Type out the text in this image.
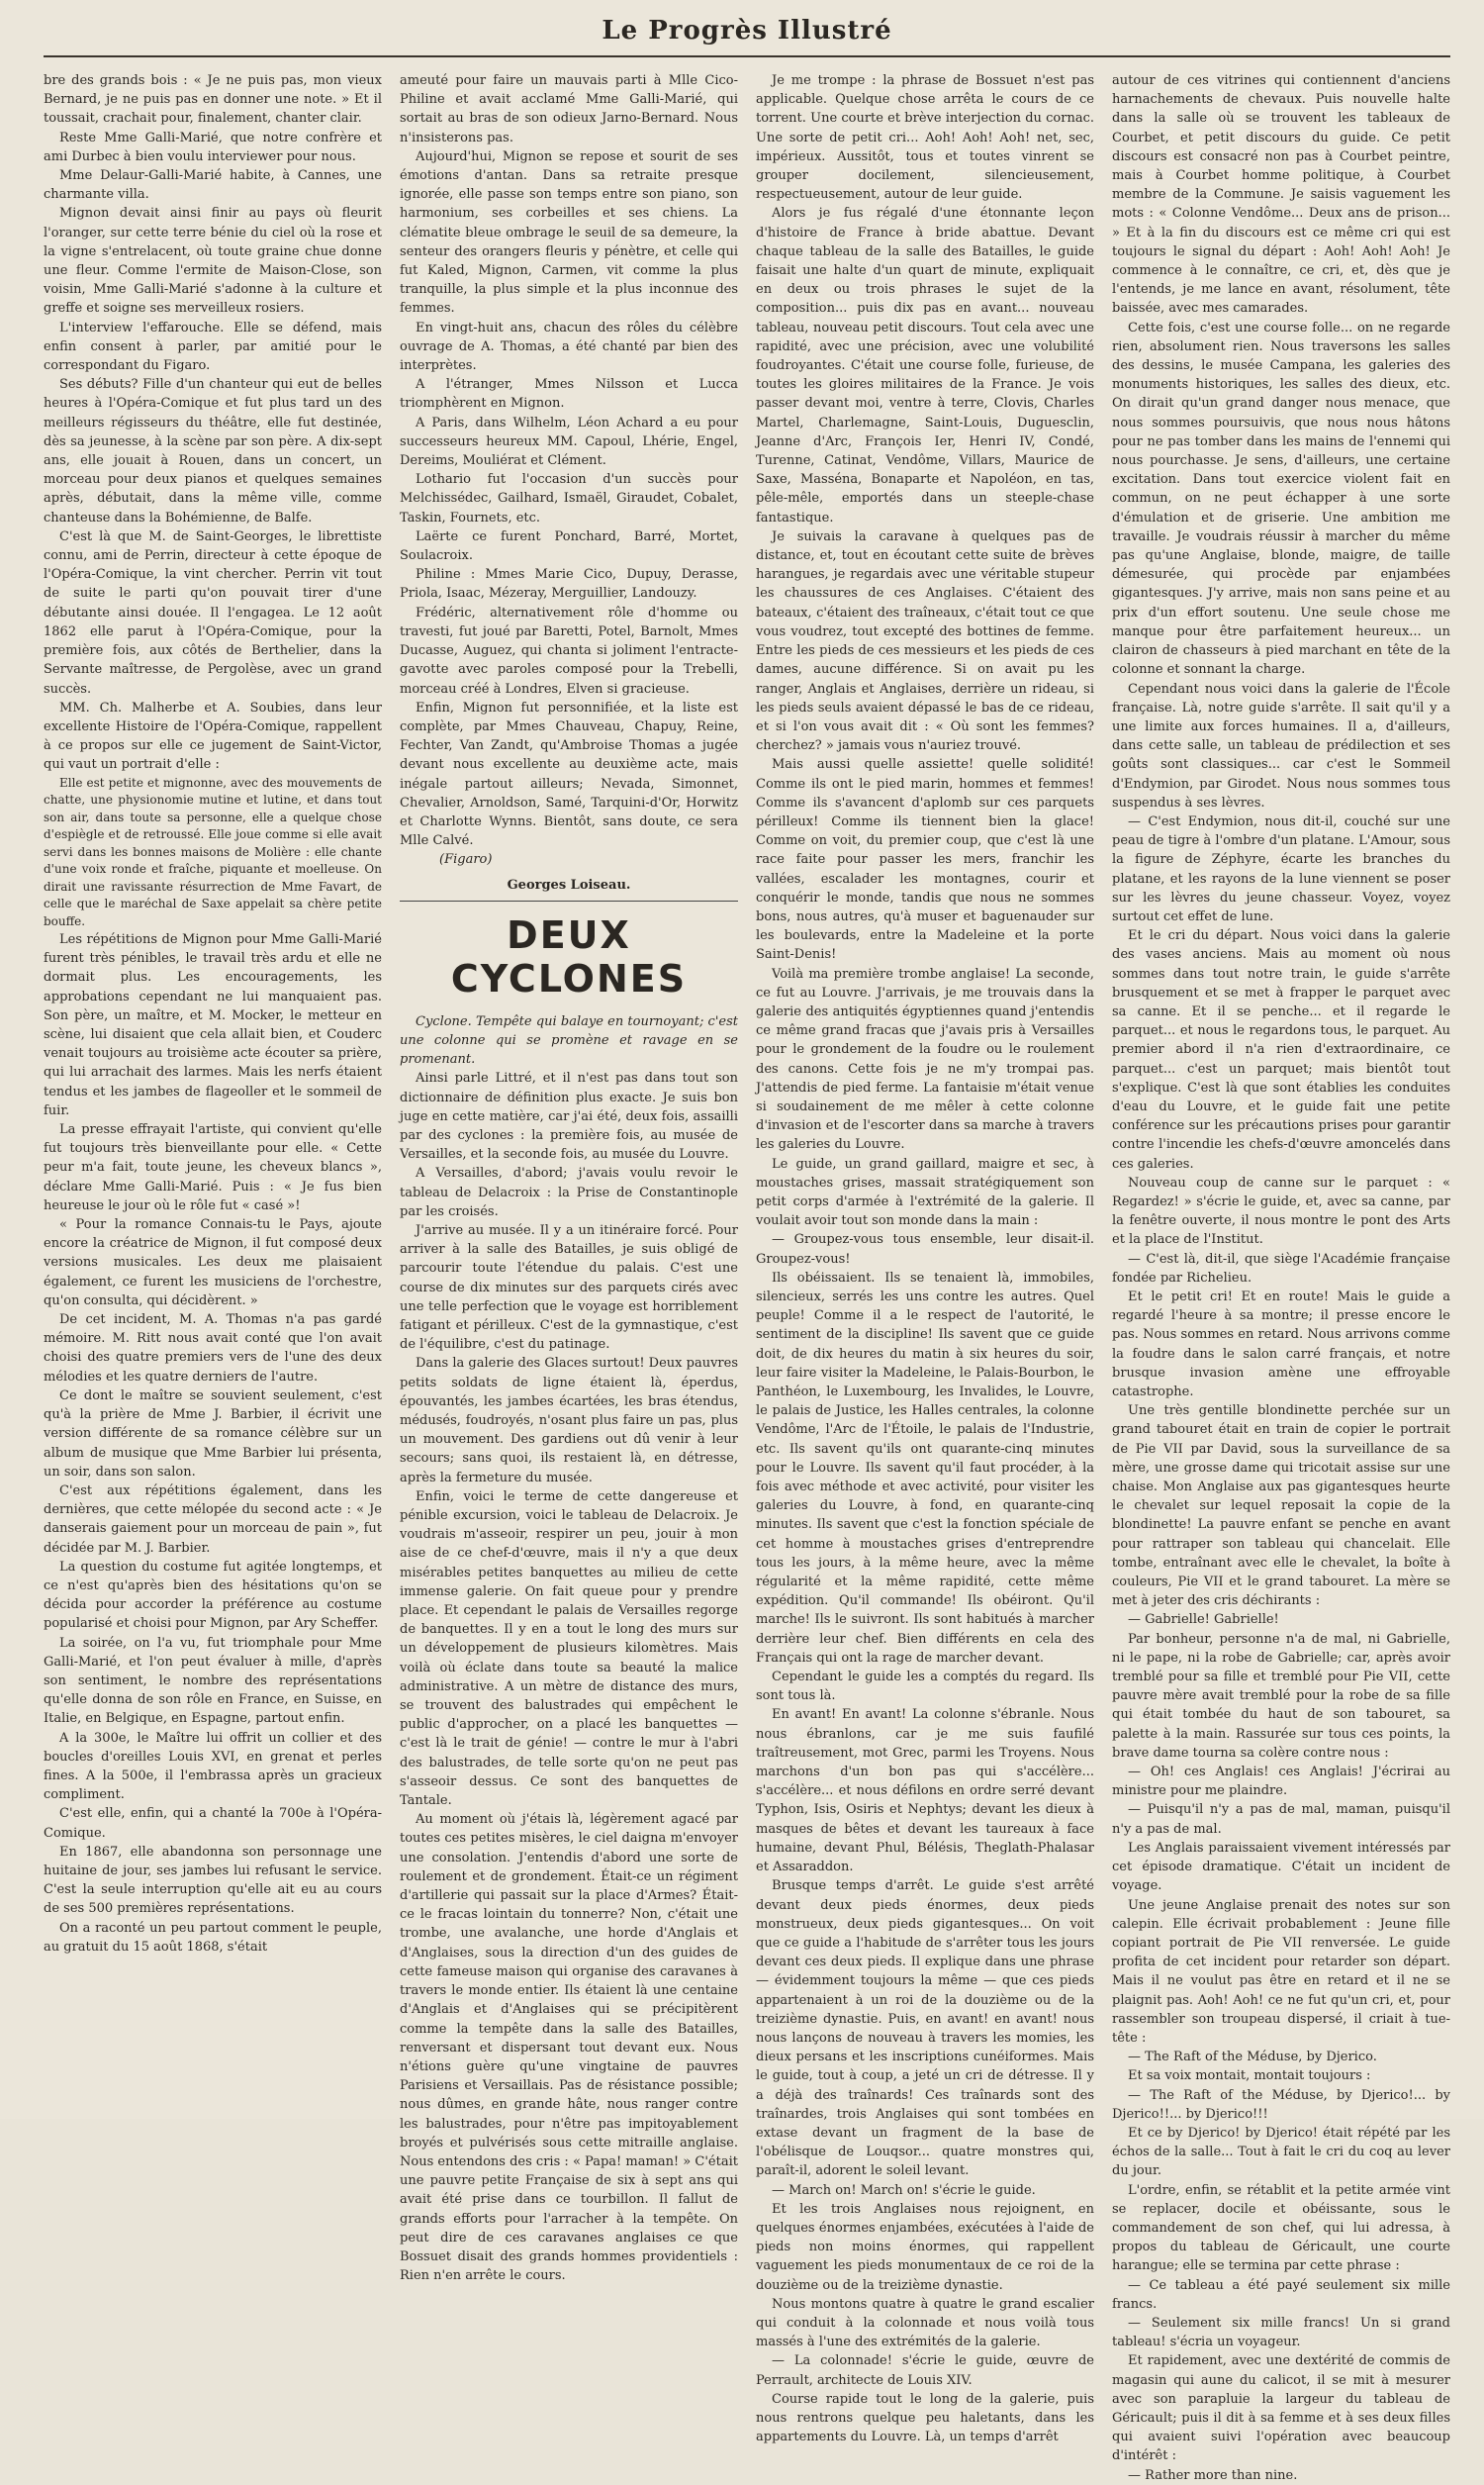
Le Progrès Illustré

bre des grands bois : « Je ne puis pas, mon vieux Bernard, je ne puis pas en donner une note. » Et il toussait, crachait pour, finalement, chanter clair.

Reste Mme Galli-Marié, que notre confrère et ami Durbec à bien voulu interviewer pour nous.

Mme Delaur-Galli-Marié habite, à Cannes, une charmante villa.

Mignon devait ainsi finir au pays où fleurit l'oranger, sur cette terre bénie du ciel où la rose et la vigne s'entrelacent, où toute graine chue donne une fleur. Comme l'ermite de Maison-Close, son voisin, Mme Galli-Marié s'adonne à la culture et greffe et soigne ses merveilleux rosiers.

L'interview l'effarouche. Elle se défend, mais enfin consent à parler, par amitié pour le correspondant du Figaro.

Ses débuts? Fille d'un chanteur qui eut de belles heures à l'Opéra-Comique et fut plus tard un des meilleurs régisseurs du théâtre, elle fut destinée, dès sa jeunesse, à la scène par son père. A dix-sept ans, elle jouait à Rouen, dans un concert, un morceau pour deux pianos et quelques semaines après, débutait, dans la même ville, comme chanteuse dans la Bohémienne, de Balfe.

C'est là que M. de Saint-Georges, le librettiste connu, ami de Perrin, directeur à cette époque de l'Opéra-Comique, la vint chercher. Perrin vit tout de suite le parti qu'on pouvait tirer d'une débutante ainsi douée. Il l'engagea. Le 12 août 1862 elle parut à l'Opéra-Comique, pour la première fois, aux côtés de Berthelier, dans la Servante maîtresse, de Pergolèse, avec un grand succès.

MM. Ch. Malherbe et A. Soubies, dans leur excellente Histoire de l'Opéra-Comique, rappellent à ce propos sur elle ce jugement de Saint-Victor, qui vaut un portrait d'elle :

Elle est petite et mignonne, avec des mouvements de chatte, une physionomie mutine et lutine, et dans tout son air, dans toute sa personne, elle a quelque chose d'espiègle et de retroussé. Elle joue comme si elle avait servi dans les bonnes maisons de Molière : elle chante d'une voix ronde et fraîche, piquante et moelleuse. On dirait une ravissante résurrection de Mme Favart, de celle que le maréchal de Saxe appelait sa chère petite bouffe.

Les répétitions de Mignon pour Mme Galli-Marié furent très pénibles, le travail très ardu et elle ne dormait plus. Les encouragements, les approbations cependant ne lui manquaient pas. Son père, un maître, et M. Mocker, le metteur en scène, lui disaient que cela allait bien, et Couderc venait toujours au troisième acte écouter sa prière, qui lui arrachait des larmes. Mais les nerfs étaient tendus et les jambes de flageoller et le sommeil de fuir.

La presse effrayait l'artiste, qui convient qu'elle fut toujours très bienveillante pour elle. « Cette peur m'a fait, toute jeune, les cheveux blancs », déclare Mme Galli-Marié. Puis : « Je fus bien heureuse le jour où le rôle fut « casé »!

« Pour la romance Connais-tu le Pays, ajoute encore la créatrice de Mignon, il fut composé deux versions musicales. Les deux me plaisaient également, ce furent les musiciens de l'orchestre, qu'on consulta, qui décidèrent. »

De cet incident, M. A. Thomas n'a pas gardé mémoire. M. Ritt nous avait conté que l'on avait choisi des quatre premiers vers de l'une des deux mélodies et les quatre derniers de l'autre.

Ce dont le maître se souvient seulement, c'est qu'à la prière de Mme J. Barbier, il écrivit une version différente de sa romance célèbre sur un album de musique que Mme Barbier lui présenta, un soir, dans son salon.

C'est aux répétitions également, dans les dernières, que cette mélopée du second acte : « Je danserais gaiement pour un morceau de pain », fut décidée par M. J. Barbier.

La question du costume fut agitée longtemps, et ce n'est qu'après bien des hésitations qu'on se décida pour accorder la préférence au costume popularisé et choisi pour Mignon, par Ary Scheffer.

La soirée, on l'a vu, fut triomphale pour Mme Galli-Marié, et l'on peut évaluer à mille, d'après son sentiment, le nombre des représentations qu'elle donna de son rôle en France, en Suisse, en Italie, en Belgique, en Espagne, partout enfin.

A la 300e, le Maître lui offrit un collier et des boucles d'oreilles Louis XVI, en grenat et perles fines. A la 500e, il l'embrassa après un gracieux compliment.

C'est elle, enfin, qui a chanté la 700e à l'Opéra-Comique.

En 1867, elle abandonna son personnage une huitaine de jour, ses jambes lui refusant le service. C'est la seule interruption qu'elle ait eu au cours de ses 500 premières représentations.

On a raconté un peu partout comment le peuple, au gratuit du 15 août 1868, s'était

ameuté pour faire un mauvais parti à Mlle Cico-Philine et avait acclamé Mme Galli-Marié, qui sortait au bras de son odieux Jarno-Bernard. Nous n'insisterons pas.

Aujourd'hui, Mignon se repose et sourit de ses émotions d'antan. Dans sa retraite presque ignorée, elle passe son temps entre son piano, son harmonium, ses corbeilles et ses chiens. La clématite bleue ombrage le seuil de sa demeure, la senteur des orangers fleuris y pénètre, et celle qui fut Kaled, Mignon, Carmen, vit comme la plus tranquille, la plus simple et la plus inconnue des femmes.

En vingt-huit ans, chacun des rôles du célèbre ouvrage de A. Thomas, a été chanté par bien des interprètes.

A l'étranger, Mmes Nilsson et Lucca triomphèrent en Mignon.

A Paris, dans Wilhelm, Léon Achard a eu pour successeurs heureux MM. Capoul, Lhérie, Engel, Dereims, Mouliérat et Clément.

Lothario fut l'occasion d'un succès pour Melchissédec, Gailhard, Ismaël, Giraudet, Cobalet, Taskin, Fournets, etc.

Laërte ce furent Ponchard, Barré, Mortet, Soulacroix.

Philine : Mmes Marie Cico, Dupuy, Derasse, Priola, Isaac, Mézeray, Merguillier, Landouzy.

Frédéric, alternativement rôle d'homme ou travesti, fut joué par Baretti, Potel, Barnolt, Mmes Ducasse, Auguez, qui chanta si joliment l'entracte-gavotte avec paroles composé pour la Trebelli, morceau créé à Londres, Elven si gracieuse.

Enfin, Mignon fut personnifiée, et la liste est complète, par Mmes Chauveau, Chapuy, Reine, Fechter, Van Zandt, qu'Ambroise Thomas a jugée devant nous excellente au deuxième acte, mais inégale partout ailleurs; Nevada, Simonnet, Chevalier, Arnoldson, Samé, Tarquini-d'Or, Horwitz et Charlotte Wynns. Bientôt, sans doute, ce sera Mlle Calvé.

(Figaro)

Georges Loiseau.

DEUX CYCLONES

Cyclone. Tempête qui balaye en tournoyant; c'est une colonne qui se promène et ravage en se promenant.

Ainsi parle Littré, et il n'est pas dans tout son dictionnaire de définition plus exacte. Je suis bon juge en cette matière, car j'ai été, deux fois, assailli par des cyclones : la première fois, au musée de Versailles, et la seconde fois, au musée du Louvre.

A Versailles, d'abord; j'avais voulu revoir le tableau de Delacroix : la Prise de Constantinople par les croisés.

J'arrive au musée. Il y a un itinéraire forcé. Pour arriver à la salle des Batailles, je suis obligé de parcourir toute l'étendue du palais. C'est une course de dix minutes sur des parquets cirés avec une telle perfection que le voyage est horriblement fatigant et périlleux. C'est de la gymnastique, c'est de l'équilibre, c'est du patinage.

Dans la galerie des Glaces surtout! Deux pauvres petits soldats de ligne étaient là, éperdus, épouvantés, les jambes écartées, les bras étendus, médusés, foudroyés, n'osant plus faire un pas, plus un mouvement. Des gardiens out dû venir à leur secours; sans quoi, ils restaient là, en détresse, après la fermeture du musée.

Enfin, voici le terme de cette dangereuse et pénible excursion, voici le tableau de Delacroix. Je voudrais m'asseoir, respirer un peu, jouir à mon aise de ce chef-d'œuvre, mais il n'y a que deux misérables petites banquettes au milieu de cette immense galerie. On fait queue pour y prendre place. Et cependant le palais de Versailles regorge de banquettes. Il y en a tout le long des murs sur un développement de plusieurs kilomètres. Mais voilà où éclate dans toute sa beauté la malice administrative. A un mètre de distance des murs, se trouvent des balustrades qui empêchent le public d'approcher, on a placé les banquettes — c'est là le trait de génie! — contre le mur à l'abri des balustrades, de telle sorte qu'on ne peut pas s'asseoir dessus. Ce sont des banquettes de Tantale.

Au moment où j'étais là, légèrement agacé par toutes ces petites misères, le ciel daigna m'envoyer une consolation. J'entendis d'abord une sorte de roulement et de grondement. Était-ce un régiment d'artillerie qui passait sur la place d'Armes? Était-ce le fracas lointain du tonnerre? Non, c'était une trombe, une avalanche, une horde d'Anglais et d'Anglaises, sous la direction d'un des guides de cette fameuse maison qui organise des caravanes à travers le monde entier. Ils étaient là une centaine d'Anglais et d'Anglaises qui se précipitèrent comme la tempête dans la salle des Batailles, renversant et dispersant tout devant eux. Nous n'étions guère qu'une vingtaine de pauvres Parisiens et Versaillais. Pas de résistance possible; nous dûmes, en grande hâte, nous ranger contre les balustrades, pour n'être pas impitoyablement broyés et pulvérisés sous cette mitraille anglaise. Nous entendons des cris : « Papa! maman! » C'était une pauvre petite Française de six à sept ans qui avait été prise dans ce tourbillon. Il fallut de grands efforts pour l'arracher à la tempête. On peut dire de ces caravanes anglaises ce que Bossuet disait des grands hommes providentiels : Rien n'en arrête le cours.

Je me trompe : la phrase de Bossuet n'est pas applicable. Quelque chose arrêta le cours de ce torrent. Une courte et brève interjection du cornac. Une sorte de petit cri... Aoh! Aoh! Aoh! net, sec, impérieux. Aussitôt, tous et toutes vinrent se grouper docilement, silencieusement, respectueusement, autour de leur guide.

Alors je fus régalé d'une étonnante leçon d'histoire de France à bride abattue. Devant chaque tableau de la salle des Batailles, le guide faisait une halte d'un quart de minute, expliquait en deux ou trois phrases le sujet de la composition... puis dix pas en avant... nouveau tableau, nouveau petit discours. Tout cela avec une rapidité, avec une précision, avec une volubilité foudroyantes. C'était une course folle, furieuse, de toutes les gloires militaires de la France. Je vois passer devant moi, ventre à terre, Clovis, Charles Martel, Charlemagne, Saint-Louis, Duguesclin, Jeanne d'Arc, François Ier, Henri IV, Condé, Turenne, Catinat, Vendôme, Villars, Maurice de Saxe, Masséna, Bonaparte et Napoléon, en tas, pêle-mêle, emportés dans un steeple-chase fantastique.

Je suivais la caravane à quelques pas de distance, et, tout en écoutant cette suite de brèves harangues, je regardais avec une véritable stupeur les chaussures de ces Anglaises. C'étaient des bateaux, c'étaient des traîneaux, c'était tout ce que vous voudrez, tout excepté des bottines de femme. Entre les pieds de ces messieurs et les pieds de ces dames, aucune différence. Si on avait pu les ranger, Anglais et Anglaises, derrière un rideau, si les pieds seuls avaient dépassé le bas de ce rideau, et si l'on vous avait dit : « Où sont les femmes? cherchez? » jamais vous n'auriez trouvé.

Mais aussi quelle assiette! quelle solidité! Comme ils ont le pied marin, hommes et femmes! Comme ils s'avancent d'aplomb sur ces parquets périlleux! Comme ils tiennent bien la glace! Comme on voit, du premier coup, que c'est là une race faite pour passer les mers, franchir les vallées, escalader les montagnes, courir et conquérir le monde, tandis que nous ne sommes bons, nous autres, qu'à muser et baguenauder sur les boulevards, entre la Madeleine et la porte Saint-Denis!

Voilà ma première trombe anglaise! La seconde, ce fut au Louvre. J'arrivais, je me trouvais dans la galerie des antiquités égyptiennes quand j'entendis ce même grand fracas que j'avais pris à Versailles pour le grondement de la foudre ou le roulement des canons. Cette fois je ne m'y trompai pas. J'attendis de pied ferme. La fantaisie m'était venue si soudainement de me mêler à cette colonne d'invasion et de l'escorter dans sa marche à travers les galeries du Louvre.

Le guide, un grand gaillard, maigre et sec, à moustaches grises, massait stratégiquement son petit corps d'armée à l'extrémité de la galerie. Il voulait avoir tout son monde dans la main :

— Groupez-vous tous ensemble, leur disait-il. Groupez-vous!

Ils obéissaient. Ils se tenaient là, immobiles, silencieux, serrés les uns contre les autres. Quel peuple! Comme il a le respect de l'autorité, le sentiment de la discipline! Ils savent que ce guide doit, de dix heures du matin à six heures du soir, leur faire visiter la Madeleine, le Palais-Bourbon, le Panthéon, le Luxembourg, les Invalides, le Louvre, le palais de Justice, les Halles centrales, la colonne Vendôme, l'Arc de l'Étoile, le palais de l'Industrie, etc. Ils savent qu'ils ont quarante-cinq minutes pour le Louvre. Ils savent qu'il faut procéder, à la fois avec méthode et avec activité, pour visiter les galeries du Louvre, à fond, en quarante-cinq minutes. Ils savent que c'est la fonction spéciale de cet homme à moustaches grises d'entreprendre tous les jours, à la même heure, avec la même régularité et la même rapidité, cette même expédition. Qu'il commande! Ils obéiront. Qu'il marche! Ils le suivront. Ils sont habitués à marcher derrière leur chef. Bien différents en cela des Français qui ont la rage de marcher devant.

Cependant le guide les a comptés du regard. Ils sont tous là.

En avant! En avant! La colonne s'ébranle. Nous nous ébranlons, car je me suis faufilé traîtreusement, mot Grec, parmi les Troyens. Nous marchons d'un bon pas qui s'accélère... s'accélère... et nous défilons en ordre serré devant Typhon, Isis, Osiris et Nephtys; devant les dieux à masques de bêtes et devant les taureaux à face humaine, devant Phul, Bélésis, Theglath-Phalasar et Assaraddon.

Brusque temps d'arrêt. Le guide s'est arrêté devant deux pieds énormes, deux pieds monstrueux, deux pieds gigantesques... On voit que ce guide a l'habitude de s'arrêter tous les jours devant ces deux pieds. Il explique dans une phrase — évidemment toujours la même — que ces pieds appartenaient à un roi de la douzième ou de la treizième dynastie. Puis, en avant! en avant! nous nous lançons de nouveau à travers les momies, les dieux persans et les inscriptions cunéiformes. Mais le guide, tout à coup, a jeté un cri de détresse. Il y a déjà des traînards! Ces traînards sont des traînardes, trois Anglaises qui sont tombées en extase devant un fragment de la base de l'obélisque de Louqsor... quatre monstres qui, paraît-il, adorent le soleil levant.

— March on! March on! s'écrie le guide.

Et les trois Anglaises nous rejoignent, en quelques énormes enjambées, exécutées à l'aide de pieds non moins énormes, qui rappellent vaguement les pieds monumentaux de ce roi de la douzième ou de la treizième dynastie.

Nous montons quatre à quatre le grand escalier qui conduit à la colonnade et nous voilà tous massés à l'une des extrémités de la galerie.

— La colonnade! s'écrie le guide, œuvre de Perrault, architecte de Louis XIV.

Course rapide tout le long de la galerie, puis nous rentrons quelque peu haletants, dans les appartements du Louvre. Là, un temps d'arrêt

autour de ces vitrines qui contiennent d'anciens harnachements de chevaux. Puis nouvelle halte dans la salle où se trouvent les tableaux de Courbet, et petit discours du guide. Ce petit discours est consacré non pas à Courbet peintre, mais à Courbet homme politique, à Courbet membre de la Commune. Je saisis vaguement les mots : « Colonne Vendôme... Deux ans de prison... » Et à la fin du discours est ce même cri qui est toujours le signal du départ : Aoh! Aoh! Aoh! Je commence à le connaître, ce cri, et, dès que je l'entends, je me lance en avant, résolument, tête baissée, avec mes camarades.

Cette fois, c'est une course folle... on ne regarde rien, absolument rien. Nous traversons les salles des dessins, le musée Campana, les galeries des monuments historiques, les salles des dieux, etc. On dirait qu'un grand danger nous menace, que nous sommes poursuivis, que nous nous hâtons pour ne pas tomber dans les mains de l'ennemi qui nous pourchasse. Je sens, d'ailleurs, une certaine excitation. Dans tout exercice violent fait en commun, on ne peut échapper à une sorte d'émulation et de griserie. Une ambition me travaille. Je voudrais réussir à marcher du même pas qu'une Anglaise, blonde, maigre, de taille démesurée, qui procède par enjambées gigantesques. J'y arrive, mais non sans peine et au prix d'un effort soutenu. Une seule chose me manque pour être parfaitement heureux... un clairon de chasseurs à pied marchant en tête de la colonne et sonnant la charge.

Cependant nous voici dans la galerie de l'École française. Là, notre guide s'arrête. Il sait qu'il y a une limite aux forces humaines. Il a, d'ailleurs, dans cette salle, un tableau de prédilection et ses goûts sont classiques... car c'est le Sommeil d'Endymion, par Girodet. Nous nous sommes tous suspendus à ses lèvres.

— C'est Endymion, nous dit-il, couché sur une peau de tigre à l'ombre d'un platane. L'Amour, sous la figure de Zéphyre, écarte les branches du platane, et les rayons de la lune viennent se poser sur les lèvres du jeune chasseur. Voyez, voyez surtout cet effet de lune.

Et le cri du départ. Nous voici dans la galerie des vases anciens. Mais au moment où nous sommes dans tout notre train, le guide s'arrête brusquement et se met à frapper le parquet avec sa canne. Et il se penche... et il regarde le parquet... et nous le regardons tous, le parquet. Au premier abord il n'a rien d'extraordinaire, ce parquet... c'est un parquet; mais bientôt tout s'explique. C'est là que sont établies les conduites d'eau du Louvre, et le guide fait une petite conférence sur les précautions prises pour garantir contre l'incendie les chefs-d'œuvre amoncelés dans ces galeries.

Nouveau coup de canne sur le parquet : « Regardez! » s'écrie le guide, et, avec sa canne, par la fenêtre ouverte, il nous montre le pont des Arts et la place de l'Institut.

— C'est là, dit-il, que siège l'Académie française fondée par Richelieu.

Et le petit cri! Et en route! Mais le guide a regardé l'heure à sa montre; il presse encore le pas. Nous sommes en retard. Nous arrivons comme la foudre dans le salon carré français, et notre brusque invasion amène une effroyable catastrophe.

Une très gentille blondinette perchée sur un grand tabouret était en train de copier le portrait de Pie VII par David, sous la surveillance de sa mère, une grosse dame qui tricotait assise sur une chaise. Mon Anglaise aux pas gigantesques heurte le chevalet sur lequel reposait la copie de la blondinette! La pauvre enfant se penche en avant pour rattraper son tableau qui chancelait. Elle tombe, entraînant avec elle le chevalet, la boîte à couleurs, Pie VII et le grand tabouret. La mère se met à jeter des cris déchirants :

— Gabrielle! Gabrielle!

Par bonheur, personne n'a de mal, ni Gabrielle, ni le pape, ni la robe de Gabrielle; car, après avoir tremblé pour sa fille et tremblé pour Pie VII, cette pauvre mère avait tremblé pour la robe de sa fille qui était tombée du haut de son tabouret, sa palette à la main. Rassurée sur tous ces points, la brave dame tourna sa colère contre nous :

— Oh! ces Anglais! ces Anglais! J'écrirai au ministre pour me plaindre.

— Puisqu'il n'y a pas de mal, maman, puisqu'il n'y a pas de mal.

Les Anglais paraissaient vivement intéressés par cet épisode dramatique. C'était un incident de voyage.

Une jeune Anglaise prenait des notes sur son calepin. Elle écrivait probablement : Jeune fille copiant portrait de Pie VII renversée. Le guide profita de cet incident pour retarder son départ. Mais il ne voulut pas être en retard et il ne se plaignit pas. Aoh! Aoh! ce ne fut qu'un cri, et, pour rassembler son troupeau dispersé, il criait à tue-tête :

— The Raft of the Méduse, by Djerico.

Et sa voix montait, montait toujours :

— The Raft of the Méduse, by Djerico!... by Djerico!!... by Djerico!!!

Et ce by Djerico! by Djerico! était répété par les échos de la salle... Tout à fait le cri du coq au lever du jour.

L'ordre, enfin, se rétablit et la petite armée vint se replacer, docile et obéissante, sous le commandement de son chef, qui lui adressa, à propos du tableau de Géricault, une courte harangue; elle se termina par cette phrase :

— Ce tableau a été payé seulement six mille francs.

— Seulement six mille francs! Un si grand tableau! s'écria un voyageur.

Et rapidement, avec une dextérité de commis de magasin qui aune du calicot, il se mit à mesurer avec son parapluie la largeur du tableau de Géricault; puis il dit à sa femme et à ses deux filles qui avaient suivi l'opération avec beaucoup d'intérêt :

— Rather more than nine.
